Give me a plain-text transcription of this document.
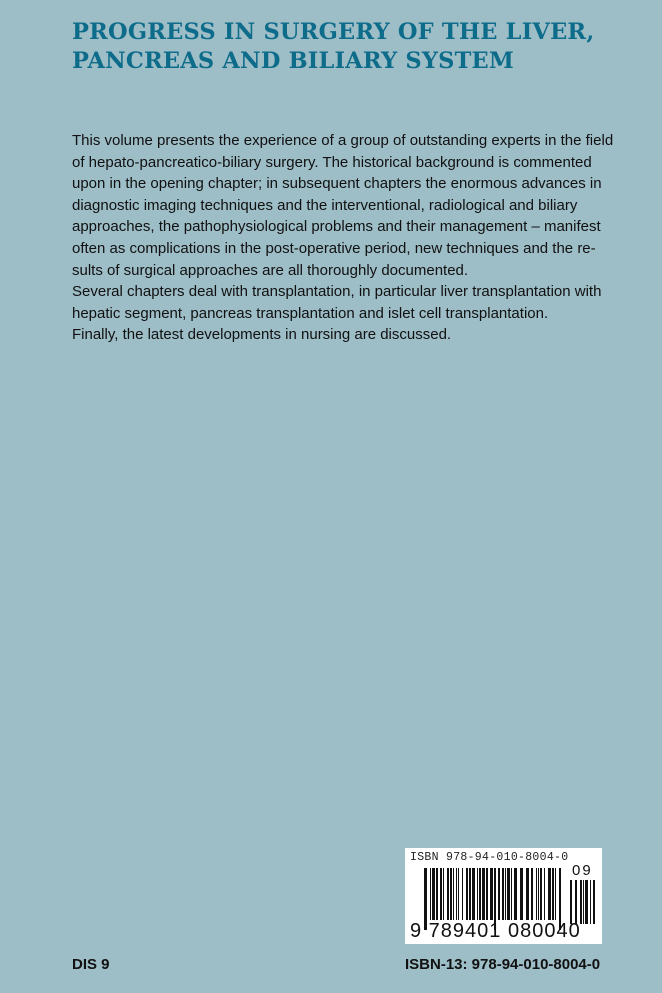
PROGRESS IN SURGERY OF THE LIVER,
PANCREAS AND BILIARY SYSTEM
This volume presents the experience of a group of outstanding experts in the field
of hepato-pancreatico-biliary surgery. The historical background is commented
upon in the opening chapter; in subsequent chapters the enormous advances in
diagnostic imaging techniques and the interventional, radiological and biliary
approaches, the pathophysiological problems and their management – manifest
often as complications in the post-operative period, new techniques and the re-
sults of surgical approaches are all thoroughly documented.
Several chapters deal with transplantation, in particular liver transplantation with
hepatic segment, pancreas transplantation and islet cell transplantation.
Finally, the latest developments in nursing are discussed.
ISBN 978-94-010-8004-0
09
9 789401 080040
DIS 9	ISBN-13: 978-94-010-8004-0
